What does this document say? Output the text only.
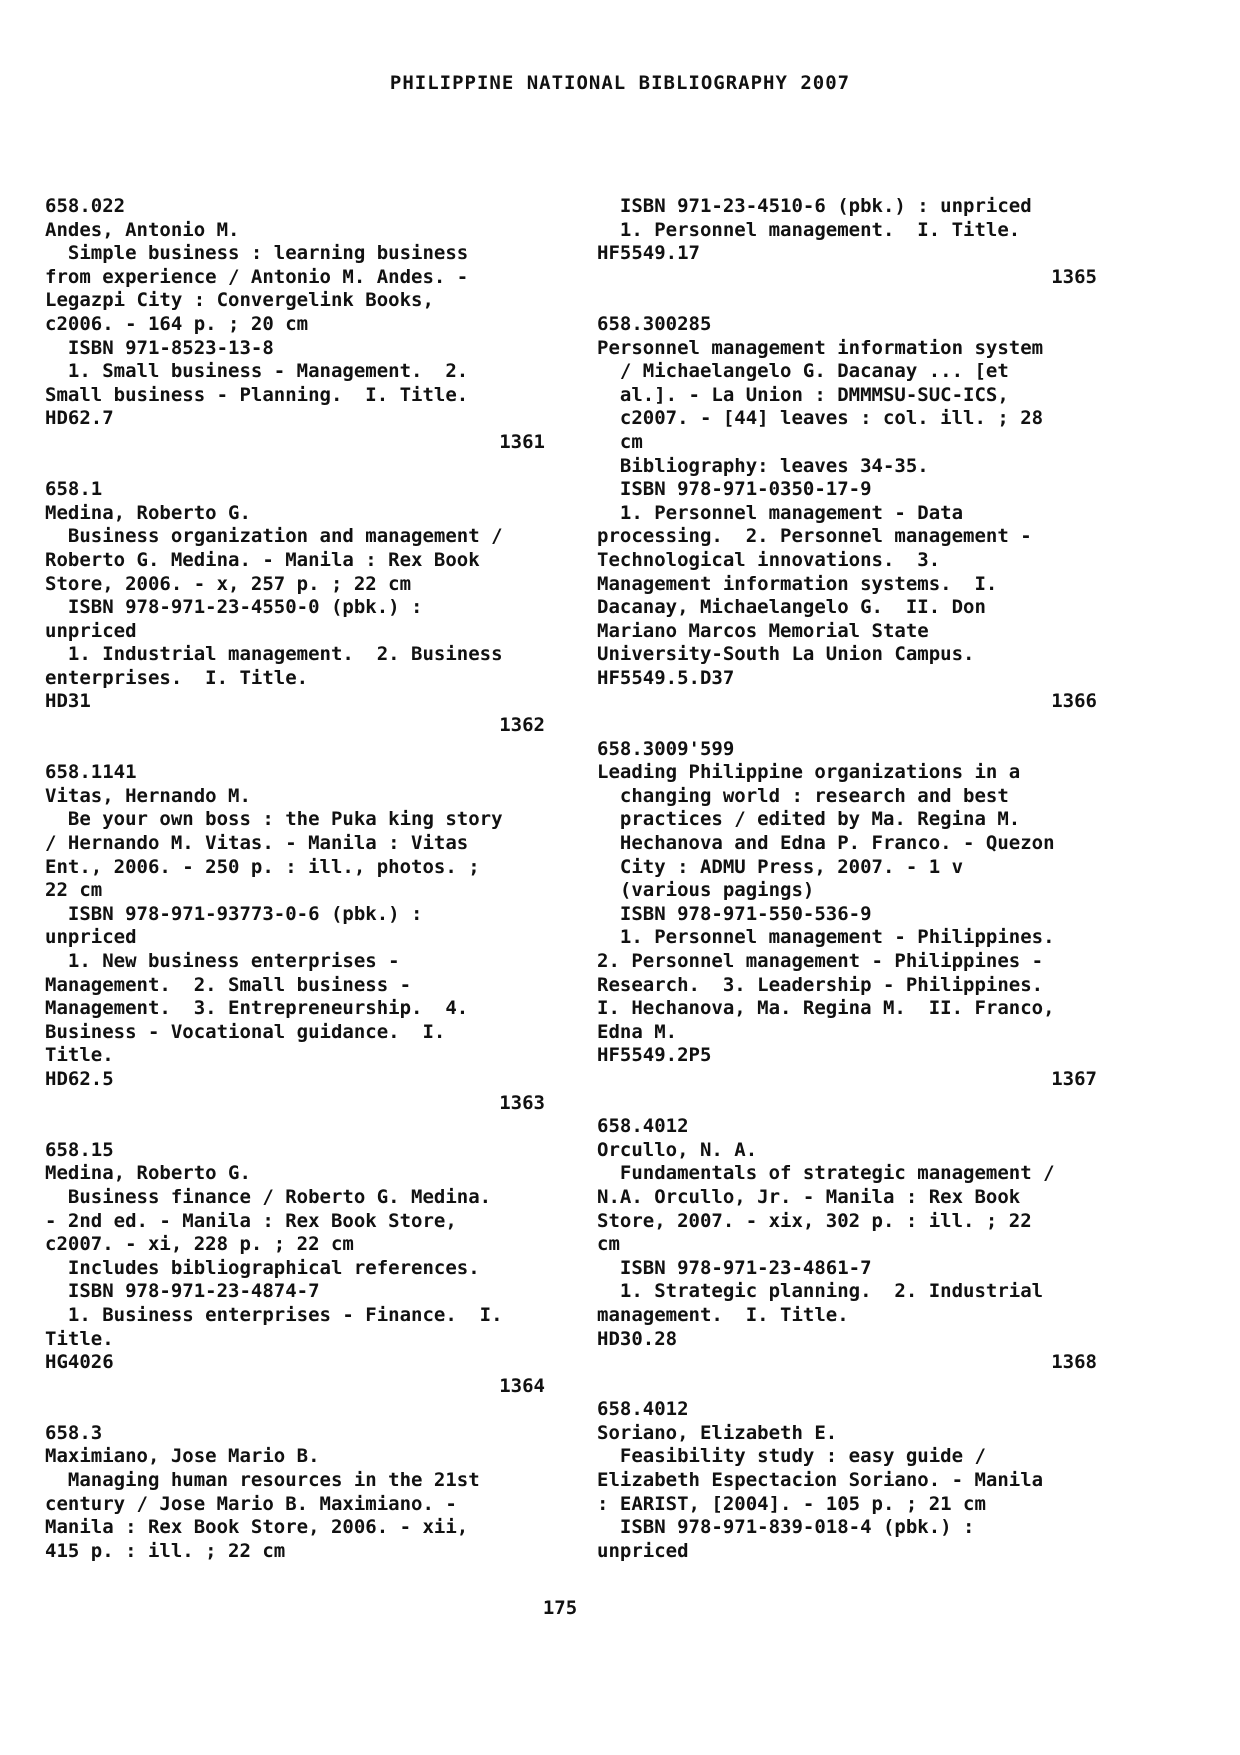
PHILIPPINE NATIONAL BIBLIOGRAPHY 2007
658.022
Andes, Antonio M.
Simple business : learning business
from experience / Antonio M. Andes. -
Legazpi City : Convergelink Books,
c2006. - 164 p. ; 20 cm
ISBN 971-8523-13-8
1. Small business - Management.  2.
Small business - Planning.  I. Title.
HD62.7
1361
658.1
Medina, Roberto G.
Business organization and management /
Roberto G. Medina. - Manila : Rex Book
Store, 2006. - x, 257 p. ; 22 cm
ISBN 978-971-23-4550-0 (pbk.) :
unpriced
1. Industrial management.  2. Business
enterprises.  I. Title.
HD31
1362
658.1141
Vitas, Hernando M.
Be your own boss : the Puka king story
/ Hernando M. Vitas. - Manila : Vitas
Ent., 2006. - 250 p. : ill., photos. ;
22 cm
ISBN 978-971-93773-0-6 (pbk.) :
unpriced
1. New business enterprises -
Management.  2. Small business -
Management.  3. Entrepreneurship.  4.
Business - Vocational guidance.  I.
Title.
HD62.5
1363
658.15
Medina, Roberto G.
Business finance / Roberto G. Medina.
- 2nd ed. - Manila : Rex Book Store,
c2007. - xi, 228 p. ; 22 cm
Includes bibliographical references.
ISBN 978-971-23-4874-7
1. Business enterprises - Finance.  I.
Title.
HG4026
1364
658.3
Maximiano, Jose Mario B.
Managing human resources in the 21st
century / Jose Mario B. Maximiano. -
Manila : Rex Book Store, 2006. - xii,
415 p. : ill. ; 22 cm
ISBN 971-23-4510-6 (pbk.) : unpriced
1. Personnel management.  I. Title.
HF5549.17
1365
658.300285
Personnel management information system
/ Michaelangelo G. Dacanay ... [et
al.]. - La Union : DMMMSU-SUC-ICS,
c2007. - [44] leaves : col. ill. ; 28
cm
Bibliography: leaves 34-35.
ISBN 978-971-0350-17-9
1. Personnel management - Data
processing.  2. Personnel management -
Technological innovations.  3.
Management information systems.  I.
Dacanay, Michaelangelo G.  II. Don
Mariano Marcos Memorial State
University-South La Union Campus.
HF5549.5.D37
1366
658.3009'599
Leading Philippine organizations in a
changing world : research and best
practices / edited by Ma. Regina M.
Hechanova and Edna P. Franco. - Quezon
City : ADMU Press, 2007. - 1 v
(various pagings)
ISBN 978-971-550-536-9
1. Personnel management - Philippines.
2. Personnel management - Philippines -
Research.  3. Leadership - Philippines.
I. Hechanova, Ma. Regina M.  II. Franco,
Edna M.
HF5549.2P5
1367
658.4012
Orcullo, N. A.
Fundamentals of strategic management /
N.A. Orcullo, Jr. - Manila : Rex Book
Store, 2007. - xix, 302 p. : ill. ; 22
cm
ISBN 978-971-23-4861-7
1. Strategic planning.  2. Industrial
management.  I. Title.
HD30.28
1368
658.4012
Soriano, Elizabeth E.
Feasibility study : easy guide /
Elizabeth Espectacion Soriano. - Manila
: EARIST, [2004]. - 105 p. ; 21 cm
ISBN 978-971-839-018-4 (pbk.) :
unpriced
175
